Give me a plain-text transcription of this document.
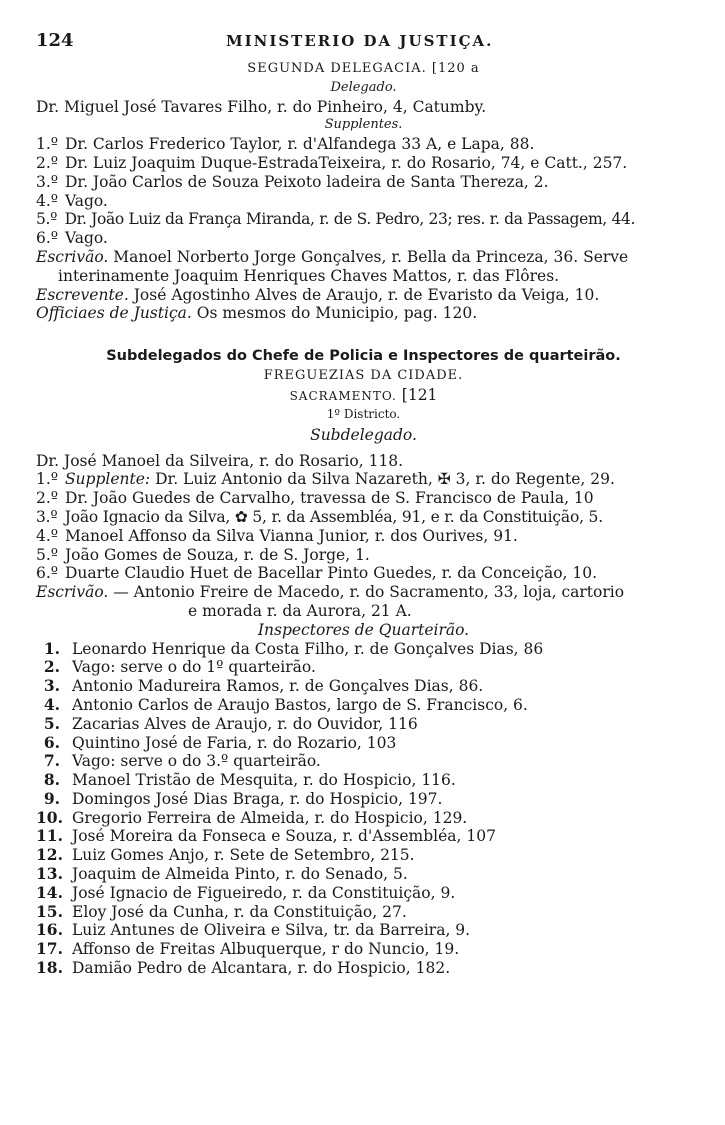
124	MINISTERIO DA JUSTIÇA.
SEGUNDA DELEGACIA. [120 a
Delegado.
Dr. Miguel José Tavares Filho, r. do Pinheiro, 4, Catumby.
Supplentes.
1.º Dr. Carlos Frederico Taylor, r. d'Alfandega 33 A, e Lapa, 88.
2.º Dr. Luiz Joaquim Duque-EstradaTeixeira, r. do Rosario, 74, e Catt., 257.
3.º Dr. João Carlos de Souza Peixoto ladeira de Santa Thereza, 2.
4.º Vago.
5.º Dr. João Luiz da França Miranda, r. de S. Pedro, 23; res. r. da Passagem, 44.
6.º Vago.
Escrivão. Manoel Norberto Jorge Gonçalves, r. Bella da Princeza, 36. Serve
interinamente Joaquim Henriques Chaves Mattos, r. das Flôres.
Escrevente. José Agostinho Alves de Araujo, r. de Evaristo da Veiga, 10.
Officiaes de Justiça. Os mesmos do Municipio, pag. 120.
Subdelegados do Chefe de Policia e Inspectores de quarteirão.
FREGUEZIAS DA CIDADE.
SACRAMENTO. [121
1º Districto.
Subdelegado.
Dr. José Manoel da Silveira, r. do Rosario, 118.
1.º Supplente: Dr. Luiz Antonio da Silva Nazareth, ✠ 3, r. do Regente, 29.
2.º Dr. João Guedes de Carvalho, travessa de S. Francisco de Paula, 10
3.º João Ignacio da Silva, ✿ 5, r. da Assembléa, 91, e r. da Constituição, 5.
4.º Manoel Affonso da Silva Vianna Junior, r. dos Ourives, 91.
5.º João Gomes de Souza, r. de S. Jorge, 1.
6.º Duarte Claudio Huet de Bacellar Pinto Guedes, r. da Conceição, 10.
Escrivão. — Antonio Freire de Macedo, r. do Sacramento, 33, loja, cartorio
e morada r. da Aurora, 21 A.
Inspectores de Quarteirão.
1. Leonardo Henrique da Costa Filho, r. de Gonçalves Dias, 86
2. Vago: serve o do 1º quarteirão.
3. Antonio Madureira Ramos, r. de Gonçalves Dias, 86.
4. Antonio Carlos de Araujo Bastos, largo de S. Francisco, 6.
5. Zacarias Alves de Araujo, r. do Ouvidor, 116
6. Quintino José de Faria, r. do Rozario, 103
7. Vago: serve o do 3.º quarteirão.
8. Manoel Tristão de Mesquita, r. do Hospicio, 116.
9. Domingos José Dias Braga, r. do Hospicio, 197.
10. Gregorio Ferreira de Almeida, r. do Hospicio, 129.
11. José Moreira da Fonseca e Souza, r. d'Assembléa, 107
12. Luiz Gomes Anjo, r. Sete de Setembro, 215.
13. Joaquim de Almeida Pinto, r. do Senado, 5.
14. José Ignacio de Figueiredo, r. da Constituição, 9.
15. Eloy José da Cunha, r. da Constituição, 27.
16. Luiz Antunes de Oliveira e Silva, tr. da Barreira, 9.
17. Affonso de Freitas Albuquerque, r do Nuncio, 19.
18. Damião Pedro de Alcantara, r. do Hospicio, 182.
